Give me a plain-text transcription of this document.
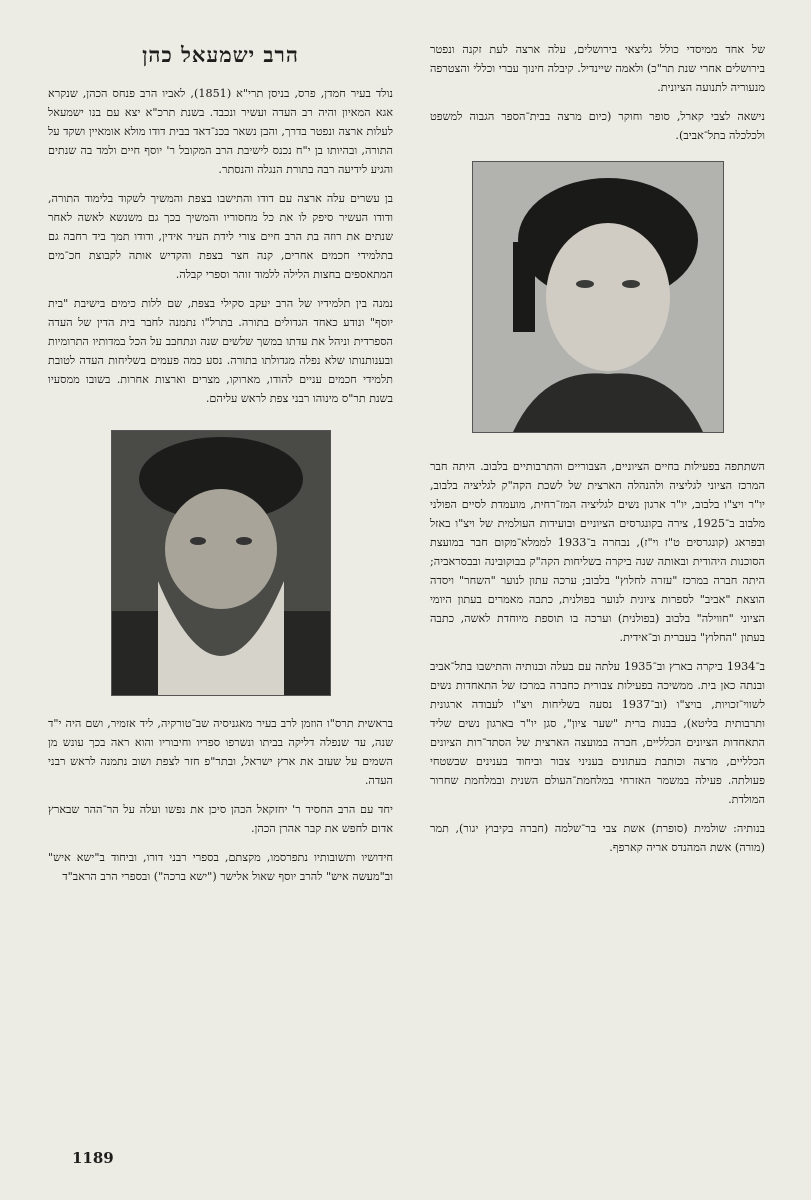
הרב ישמעאל כהן

נולד בעיר חמדן, פרס, בניסן תרי"א (1851), לאביו הרב פנחס הכהן, שנקרא אגא המאיון והיה רב העדה ועשיר ונכבד. בשנת תרכ"א יצא עם בנו ישמעאל לעלות ארצה ונפטר בדרך, והבן נשאר בכנ־דאד בבית דודו מולא אומאיין ושקד על התורה, ובהיותו בן י"ח נכנס לישיבת הרב המקובל ר' יוסף חיים ולמד בה שנתים והגיע לידיעה רבה בתורת הנגלה והנסתר.

בן עשרים עלה ארצה עם דודו והתישבו בצפת והמשיך לשקוד בלימוד התורה, ודודו העשיר סיפק לו את כל מחסוריו והמשיך בכך גם משנשא לאשה לאחר שנתים את רוזה בת הרב חיים צורי לידת העיר אידין, ודודו תמך ביד רחבה גם בתלמידי חכמים אחרים, קנה חצר בצפת והקדיש אותה לקבוצת חכ־מים המתאספים בחצות הלילה ללמוד זוהר וספרי קבלה.

נמנה בין תלמידיו של הרב יעקב סקילי בצפת, שם ללות כימים בישיבת "בית יוסף" ונודע כאחד הגדולים בתורה. בתרל"ו נתמנה לחבר בית הדין של העדה הספרדית וניהל את עדתו במשך שלשים שנה ונתחבב על הכל במדותיו התרומיות ובענותנותו שלא נפלה מגדולתו בתורה. נסע כמה פעמים בשליחות העדה לטובת תלמידי חכמים עניים להודו, מארוקו, מצרים וארצות אחרות. בשובו ממסעיו בשנת תר"ס מינוהו רבני צפת לראש עליהם.

בראשית תרס"ו הוזמן לרב בעיר מאגניסיה שב־טורקיה, ליד אזמיר, ושם היה י"ד שנה, עד שנפלה דליקה בביתו ונשרפו ספריו וחיבוריו והוא ראה בכך עונש מן השמים על שעזב את ארץ ישראל, ובתר"פ חזר לצפת ושוב נתמנה לראש רבני העדה.

יחד עם הרב החסיד ר' יחזקאל הכהן סיכן את נפשו ועלה על הר־ההר שבארץ אדום לחפש את קבר אהרן הכהן.

חידושיו ותשובותיו נתפרסמו, מקצתם, בספרי רבני דורו, וביחוד ב"ישא איש" וב"מעשה איש" להרב יוסף שאול אלישר ("ישא ברכה") ובספרי הרב הראב"ד

של אחד ממיסדי כולל גליצאי בירושלים, עלה ארצה לעת זקנה ונפטר בירושלים אחרי שנת תר"כ) ולאמה שיינדיל. קיבלה חינוך עברי וכללי והצטרפה מנעוריה לתנועה הציונית.

נישאה לצבי קארל, סופר וחוקר (כיום מרצה בבית־הספר הגבוה למשפט ולכלכלה בתל־אביב).

השתתפה בפעילות בחיים הציוניים, הצבוריים והתרבותיים בלבוב. היתה חבר המרכז הציוני לגליציה ולהנהלה הארצית של לשכת הקה"ק לגליציה בלבוב, יו"ר ויצ"ו בלבוב, יו"ר ארגון נשים לגליציה המז־רחית, מועמדת לסיים הפולני מלבוב ב־1925, צירה בקונגרסים הציוניים ובועידות העולמית של ויצ"ו באזל ובפראג (קונגרסים ט"ז וי"ז), נבחרה ב־1933 לממלא־מקום חבר במועצת הסוכנות היהודית ובאותה שנה ביקרה בשליחות הקה"ק בבוקובינה ובבסראביה; היתה חברה במרכז "עזרה לחלוץ" בלבוב; ערכה עתון לנוער "השחר" ויסדה הוצאת "אביב" לספרות ציונית לנוער בפולנית, כתבה מאמרים בעתון היומי הציוני "חווילה" בלבוב (בפולנית) וערכה בו תוספת מיוחדת לאשה, כתבה בעתון "החלוץ" בעברית וב־אידית.

ב־1934 ביקרה בארץ וב־1935 עלתה עם בעלה ובנותיה והתישבו בתל־אביב ובנתה כאן בית. ממשיכה בפעילות צבורית כחברה במרכז של התאחדות נשים לשווי־זכויות, בויצ"ו (וב־1937 נסעה בשליחות ויצ"ו לעבודה ארגונית ותרבותית בליטא), בבנות ברית "שער ציון", סגן יו"ר בארגון נשים שליד התאחדות הציונים הכלליים, חברה במועצה הארצית של הסתד־רות הציונים הכלליים, מרצה וכותבת בעתונים בעניני צבור וביחוד בענינים שבשטחי פעולתה. פעילה במשמר האזרחי במלחמת־העולם השנית ובמלחמת שחרור המולדת.

בנותיה: שולמית (סופרת) אשת צבי בר־שלמה (חברה בקיבוץ יגור), תמר (מורה) אשת המהנדס אריה קארפף.

1189
